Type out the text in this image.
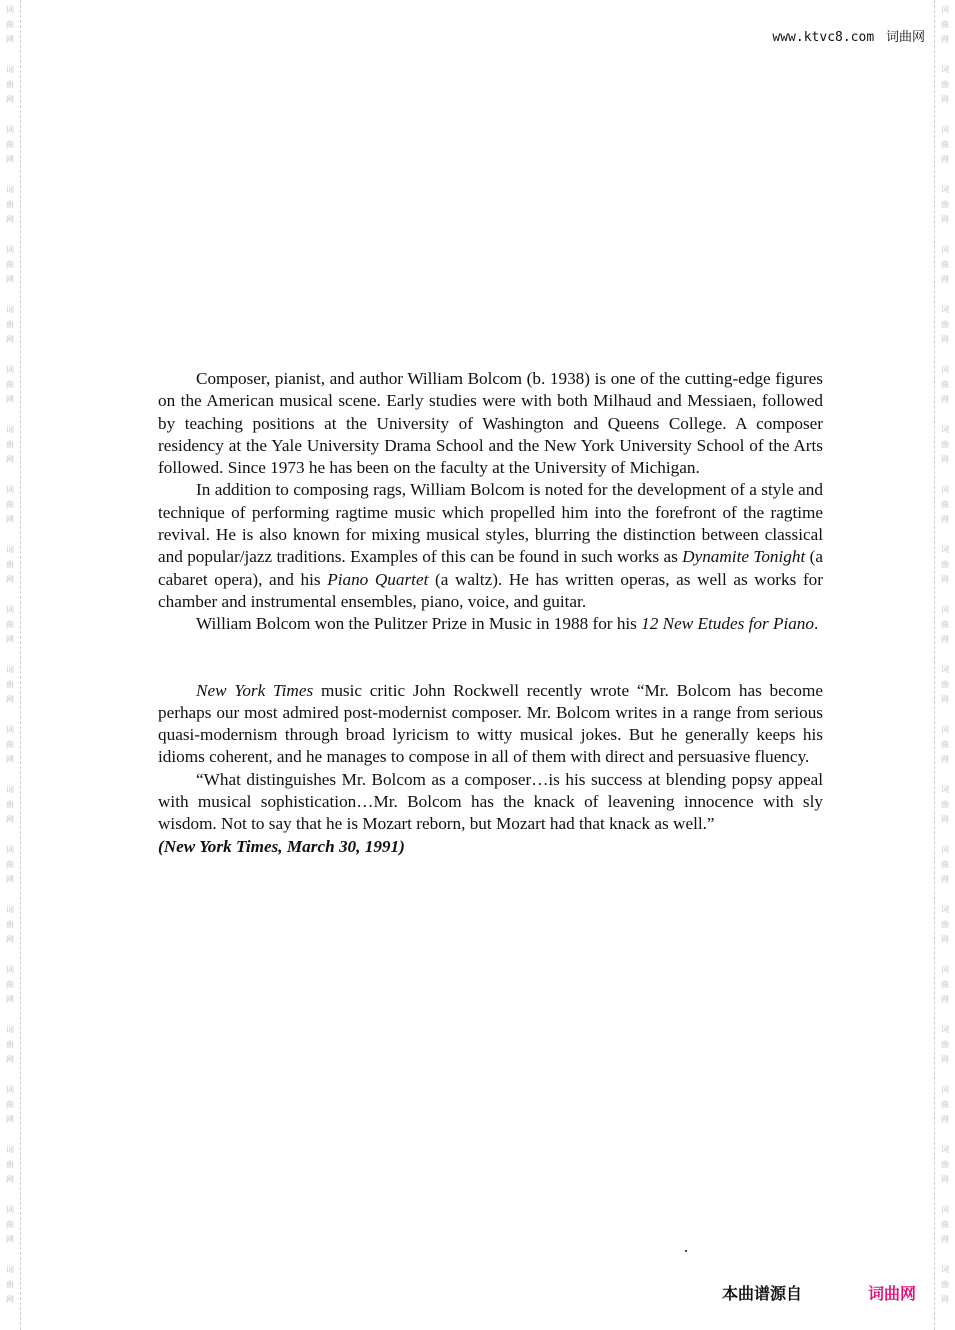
词
曲
网
词
曲
网
词
曲
网
词
曲
网
词
曲
网
词
曲
网
词
曲
网
词
曲
网
词
曲
网
词
曲
网
词
曲
网
词
曲
网
词
曲
网
词
曲
网
词
曲
网
词
曲
网
词
曲
网
词
曲
网
词
曲
网
词
曲
网
词
曲
网
词
曲
网
词
曲
网
词
曲
网
词
曲
网
词
曲
网
词
曲
网
词
曲
网
词
曲
网
词
曲
网
词
曲
网
词
曲
网
词
曲
网
词
曲
网
词
曲
网
词
曲
网
词
曲
网
词
曲
网
词
曲
网
词
曲
网
词
曲
网
词
曲
网
词
曲
网
词
曲
网
www.ktvc8.com 词曲网

Composer, pianist, and author William Bolcom (b. 1938) is one of the cutting-edge figures on the American musical scene. Early studies were with both Milhaud and Messiaen, followed by teaching positions at the University of Washington and Queens College. A composer residency at the Yale University Drama School and the New York University School of the Arts followed. Since 1973 he has been on the faculty at the University of Michigan.

In addition to composing rags, William Bolcom is noted for the development of a style and technique of performing ragtime music which propelled him into the forefront of the ragtime revival. He is also known for mixing musical styles, blurring the distinction between classical and popular/jazz traditions. Examples of this can be found in such works as Dynamite Tonight (a cabaret opera), and his Piano Quartet (a waltz). He has written operas, as well as works for chamber and instrumental ensembles, piano, voice, and guitar.

William Bolcom won the Pulitzer Prize in Music in 1988 for his 12 New Etudes for Piano.

New York Times music critic John Rockwell recently wrote “Mr. Bolcom has become perhaps our most admired post-modernist composer. Mr. Bolcom writes in a range from serious quasi-modernism through broad lyricism to witty musical jokes. But he generally keeps his idioms coherent, and he manages to compose in all of them with direct and persuasive fluency.

“What distinguishes Mr. Bolcom as a composer…is his success at blending popsy appeal with musical sophistication…Mr. Bolcom has the knack of leavening innocence with sly wisdom. Not to say that he is Mozart reborn, but Mozart had that knack as well.”

(New York Times, March 30, 1991)

本曲谱源自	词曲网
